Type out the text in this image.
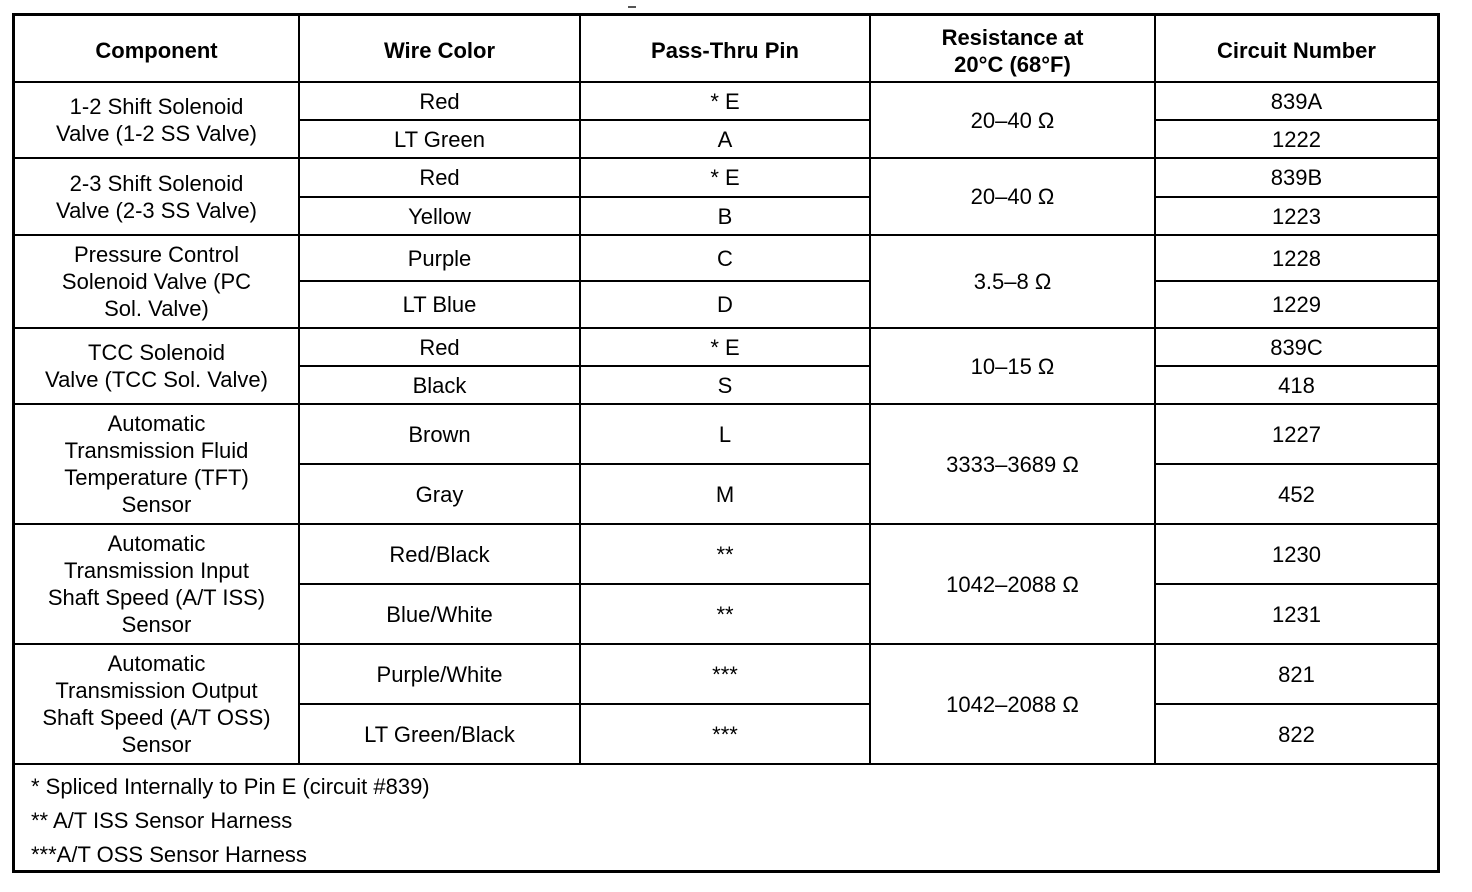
Component	Wire Color	Pass-Thru Pin	Resistance at
20°C (68°F)	Circuit Number
1-2 Shift Solenoid
Valve (1-2 SS Valve)	Red	* E	20–40 Ω	839A
	LT Green	A		1222
2-3 Shift Solenoid
Valve (2-3 SS Valve)	Red	* E	20–40 Ω	839B
	Yellow	B		1223
Pressure Control
Solenoid Valve (PC
Sol. Valve)	Purple	C	3.5–8 Ω	1228
	LT Blue	D		1229
TCC Solenoid
Valve (TCC Sol. Valve)	Red	* E	10–15 Ω	839C
	Black	S		418
Automatic
Transmission Fluid
Temperature (TFT)
Sensor	Brown	L	3333–3689 Ω	1227
	Gray	M		452
Automatic
Transmission Input
Shaft Speed (A/T ISS)
Sensor	Red/Black	**	1042–2088 Ω	1230
	Blue/White	**		1231
Automatic
Transmission Output
Shaft Speed (A/T OSS)
Sensor	Purple/White	***	1042–2088 Ω	821
	LT Green/Black	***		822
* Spliced Internally to Pin E (circuit #839)
** A/T ISS Sensor Harness
***A/T OSS Sensor Harness
